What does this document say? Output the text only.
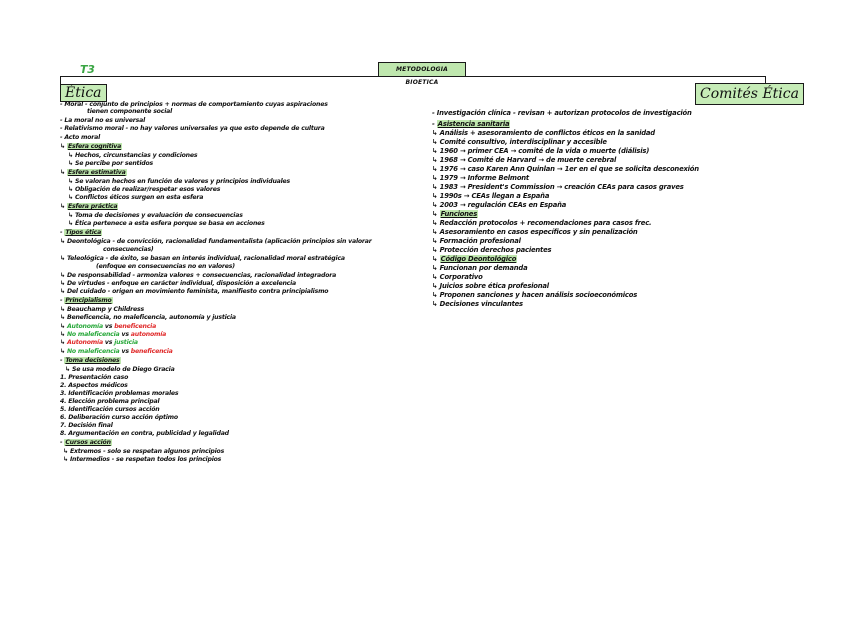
METODOLOGIA BIOETICA
T3
Ética	Comités Ética
- Moral - conjunto de principios + normas de comportamiento cuyas aspiraciones
tienen componente social
- La moral no es universal
- Relativismo moral - no hay valores universales ya que esto depende de cultura
- Acto moral
↳ Esfera cognitiva
↳ Hechos, circunstancias y condiciones
↳ Se percibe por sentidos
↳ Esfera estimativa
↳ Se valoran hechos en función de valores y principios individuales
↳ Obligación de realizar/respetar esos valores
↳ Conflictos éticos surgen en esta esfera
↳ Esfera práctica
↳ Toma de decisiones y evaluación de consecuencias
↳ Ética pertenece a esta esfera porque se basa en acciones
- Tipos ética
↳ Deontológica - de convicción, racionalidad fundamentalista (aplicación principios sin valorar
consecuencias)
↳ Teleológica - de éxito, se basan en interés individual, racionalidad moral estratégica
(enfoque en consecuencias no en valores)
↳ De responsabilidad - armoniza valores + consecuencias, racionalidad integradora
↳ De virtudes - enfoque en carácter individual, disposición a excelencia
↳ Del cuidado - origen en movimiento feminista, manifiesto contra principialismo
- Principialismo
↳ Beauchamp y Childress
↳ Beneficencia, no maleficencia, autonomía y justicia
↳ Autonomía vs beneficencia
↳ No maleficencia vs autonomía
↳ Autonomía vs justicia
↳ No maleficencia vs beneficencia
- Toma decisiones
↳ Se usa modelo de Diego Gracia
1. Presentación caso
2. Aspectos médicos
3. Identificación problemas morales
4. Elección problema principal
5. Identificación cursos acción
6. Deliberación curso acción óptimo
7. Decisión final
8. Argumentación en contra, publicidad y legalidad
- Cursos acción
↳ Extremos - solo se respetan algunos principios
↳ Intermedios - se respetan todos los principios
- Investigación clínica - revisan + autorizan protocolos de investigación
- Asistencia sanitaria
↳ Análisis + asesoramiento de conflictos éticos en la sanidad
↳ Comité consultivo, interdisciplinar y accesible
↳ 1960 → primer CEA → comité de la vida o muerte (diálisis)
↳ 1968 → Comité de Harvard → de muerte cerebral
↳ 1976 → caso Karen Ann Quinlan → 1er en el que se solicita desconexión
↳ 1979 → Informe Belmont
↳ 1983 → President's Commission → creación CEAs para casos graves
↳ 1990s → CEAs llegan a España
↳ 2003 → regulación CEAs en España
↳ Funciones
↳ Redacción protocolos + recomendaciones para casos frec.
↳ Asesoramiento en casos específicos y sin penalización
↳ Formación profesional
↳ Protección derechos pacientes
↳ Código Deontológico
↳ Funcionan por demanda
↳ Corporativo
↳ Juicios sobre ética profesional
↳ Proponen sanciones y hacen análisis socioeconómicos
↳ Decisiones vinculantes
